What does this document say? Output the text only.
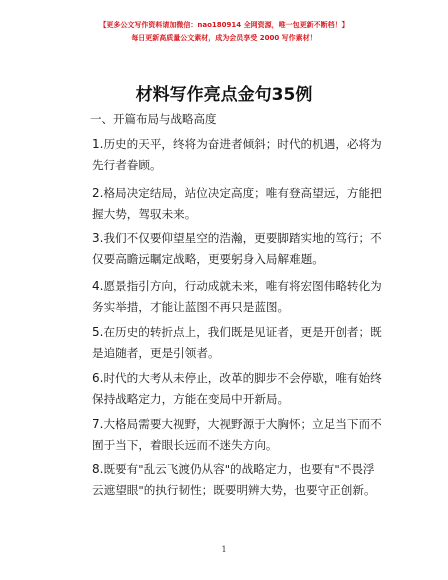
【更多公文写作资料请加微信：nao180914 全网资源，唯一包更新不断档！】
每日更新高质量公文素材，成为会员享受 2000 写作素材！
材料写作亮点金句35例
一、开篇布局与战略高度
1.历史的天平，终将为奋进者倾斜；时代的机遇，必将为先行者眷顾。
2.格局决定结局，站位决定高度；唯有登高望远，方能把握大势，驾驭未来。
3.我们不仅要仰望星空的浩瀚，更要脚踏实地的笃行；不仅要高瞻远瞩定战略，更要躬身入局解难题。
4.愿景指引方向，行动成就未来，唯有将宏图伟略转化为务实举措，才能让蓝图不再只是蓝图。
5.在历史的转折点上，我们既是见证者，更是开创者；既是追随者，更是引领者。
6.时代的大考从未停止，改革的脚步不会停歇，唯有始终保持战略定力，方能在变局中开新局。
7.大格局需要大视野，大视野源于大胸怀；立足当下而不囿于当下，着眼长远而不迷失方向。
8.既要有"乱云飞渡仍从容"的战略定力，也要有"不畏浮云遮望眼"的执行韧性；既要明辨大势，也要守正创新。
1
